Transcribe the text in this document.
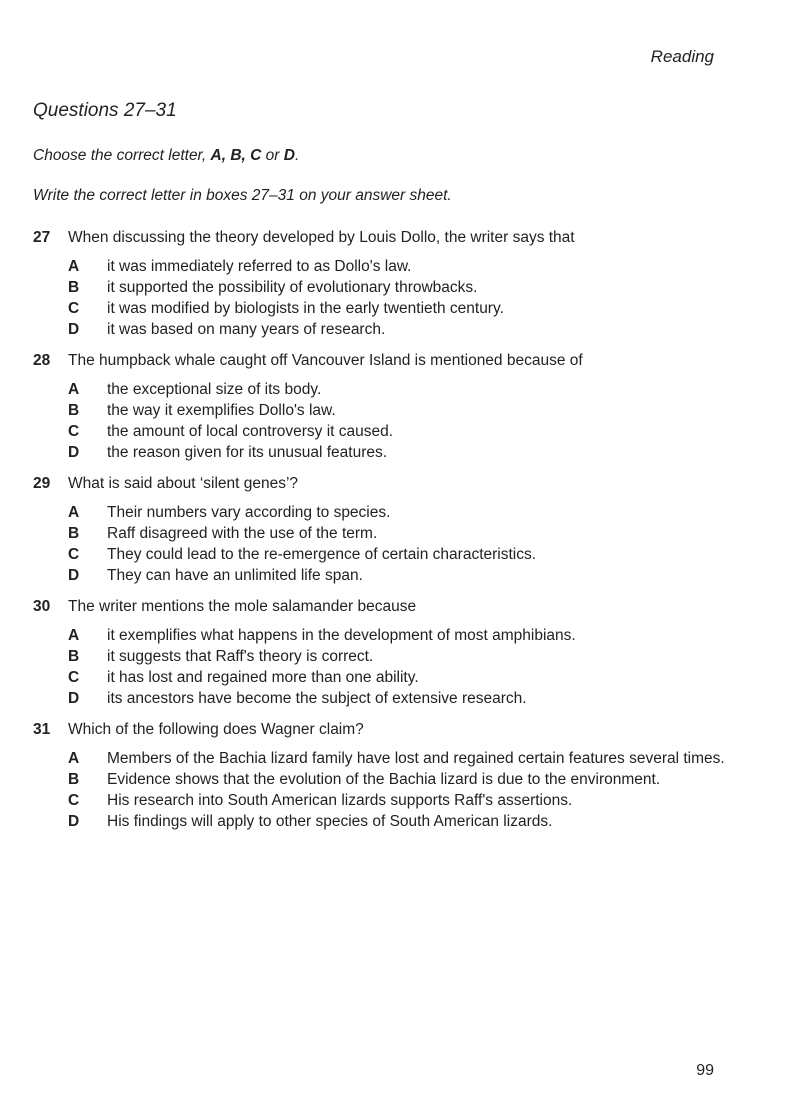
Reading
Questions 27–31
Choose the correct letter, A, B, C or D.
Write the correct letter in boxes 27–31 on your answer sheet.
27	When discussing the theory developed by Louis Dollo, the writer says that
A	it was immediately referred to as Dollo's law.
B	it supported the possibility of evolutionary throwbacks.
C	it was modified by biologists in the early twentieth century.
D	it was based on many years of research.
28	The humpback whale caught off Vancouver Island is mentioned because of
A	the exceptional size of its body.
B	the way it exemplifies Dollo's law.
C	the amount of local controversy it caused.
D	the reason given for its unusual features.
29	What is said about ‘silent genes’?
A	Their numbers vary according to species.
B	Raff disagreed with the use of the term.
C	They could lead to the re-emergence of certain characteristics.
D	They can have an unlimited life span.
30	The writer mentions the mole salamander because
A	it exemplifies what happens in the development of most amphibians.
B	it suggests that Raff's theory is correct.
C	it has lost and regained more than one ability.
D	its ancestors have become the subject of extensive research.
31	Which of the following does Wagner claim?
A	Members of the Bachia lizard family have lost and regained certain features several times.
B	Evidence shows that the evolution of the Bachia lizard is due to the environment.
C	His research into South American lizards supports Raff's assertions.
D	His findings will apply to other species of South American lizards.
99
